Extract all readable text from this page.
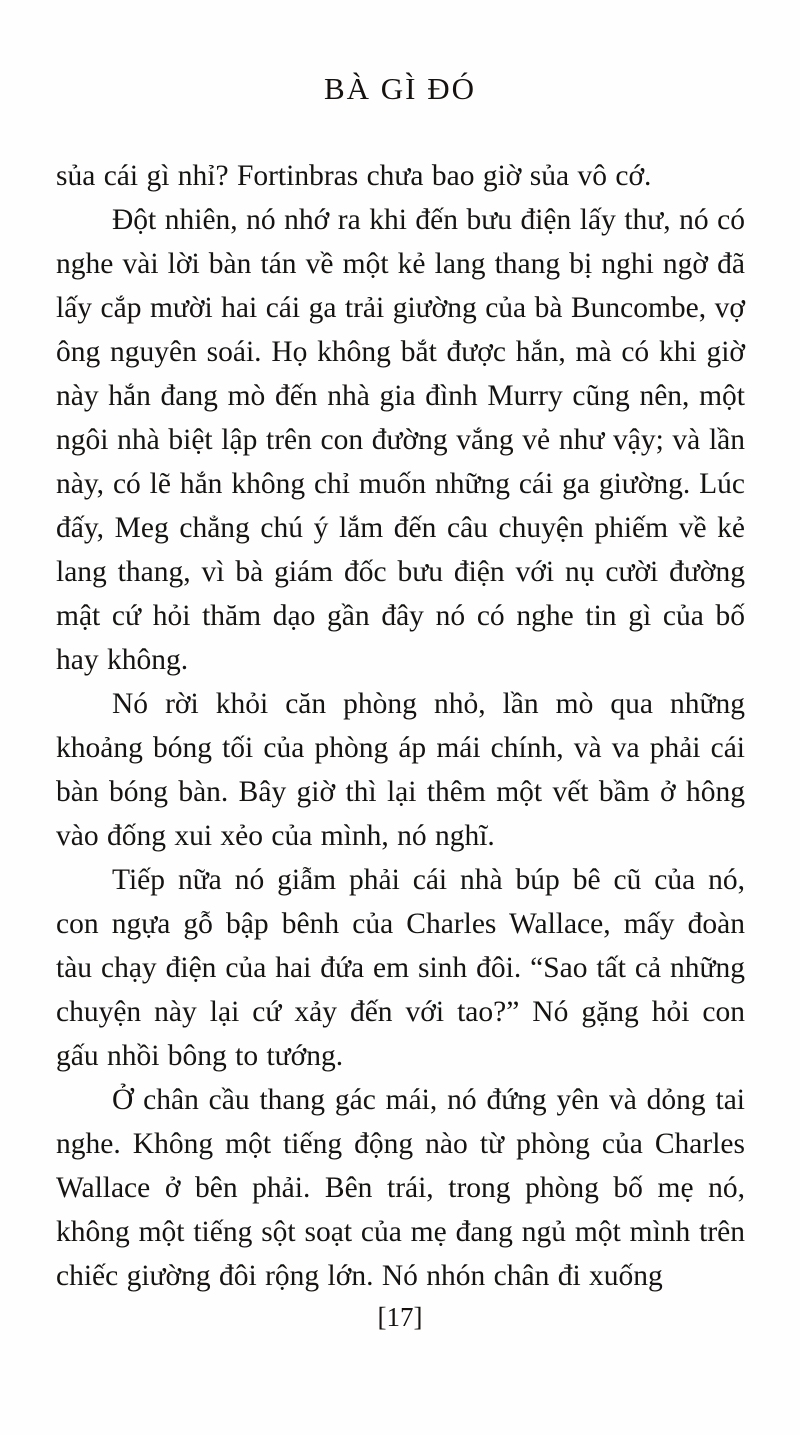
BÀ GÌ ĐÓ

sủa cái gì nhỉ? Fortinbras chưa bao giờ sủa vô cớ.

Đột nhiên, nó nhớ ra khi đến bưu điện lấy thư, nó có nghe vài lời bàn tán về một kẻ lang thang bị nghi ngờ đã lấy cắp mười hai cái ga trải giường của bà Buncombe, vợ ông nguyên soái. Họ không bắt được hắn, mà có khi giờ này hắn đang mò đến nhà gia đình Murry cũng nên, một ngôi nhà biệt lập trên con đường vắng vẻ như vậy; và lần này, có lẽ hắn không chỉ muốn những cái ga giường. Lúc đấy, Meg chẳng chú ý lắm đến câu chuyện phiếm về kẻ lang thang, vì bà giám đốc bưu điện với nụ cười đường mật cứ hỏi thăm dạo gần đây nó có nghe tin gì của bố hay không.

Nó rời khỏi căn phòng nhỏ, lần mò qua những khoảng bóng tối của phòng áp mái chính, và va phải cái bàn bóng bàn. Bây giờ thì lại thêm một vết bầm ở hông vào đống xui xẻo của mình, nó nghĩ.

Tiếp nữa nó giẫm phải cái nhà búp bê cũ của nó, con ngựa gỗ bập bênh của Charles Wallace, mấy đoàn tàu chạy điện của hai đứa em sinh đôi. “Sao tất cả những chuyện này lại cứ xảy đến với tao?” Nó gặng hỏi con gấu nhồi bông to tướng.

Ở chân cầu thang gác mái, nó đứng yên và dỏng tai nghe. Không một tiếng động nào từ phòng của Charles Wallace ở bên phải. Bên trái, trong phòng bố mẹ nó, không một tiếng sột soạt của mẹ đang ngủ một mình trên chiếc giường đôi rộng lớn. Nó nhón chân đi xuống

[17]
